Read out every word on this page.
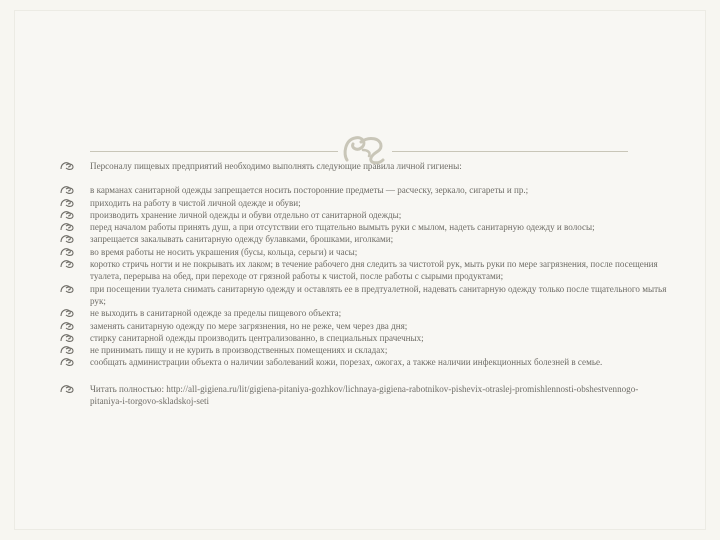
Персоналу пищевых предприятий необходимо выполнять следующие правила личной гигиены:
в карманах санитарной одежды запрещается носить посторонние предметы — расческу, зеркало, сигареты и пр.;
приходить на работу в чистой личной одежде и обуви;
производить хранение личной одежды и обуви отдельно от санитарной одежды;
перед началом работы принять душ, а при отсутствии его тщательно вымыть руки с мылом, надеть санитарную одежду и волосы;
запрещается закалывать санитарную одежду булавками, брошками, иголками;
во время работы не носить украшения (бусы, кольца, серьги) и часы;
коротко стричь ногти и не покрывать их лаком; в течение рабочего дня следить за чистотой рук, мыть руки по мере загрязнения, после посещения туалета, перерыва на обед, при переходе от грязной работы к чистой, после работы с сырыми продуктами;
при посещении туалета снимать санитарную одежду и оставлять ее в предтуалетной, надевать санитарную одежду только после тщательного мытья рук;
не выходить в санитарной одежде за пределы пищевого объекта;
заменять санитарную одежду по мере загрязнения, но не реже, чем через два дня;
стирку санитарной одежды производить централизованно, в специальных прачечных;
не принимать пищу и не курить в производственных помещениях и складах;
сообщать администрации объекта о наличии заболеваний кожи, порезах, ожогах, а также наличии инфекционных болезней в семье.
Читать полностью: http://all-gigiena.ru/lit/gigiena-pitaniya-gozhkov/lichnaya-gigiena-rabotnikov-pishevix-otraslej-promishlennosti-obshestvennogo-pitaniya-i-torgovo-skladskoj-seti
